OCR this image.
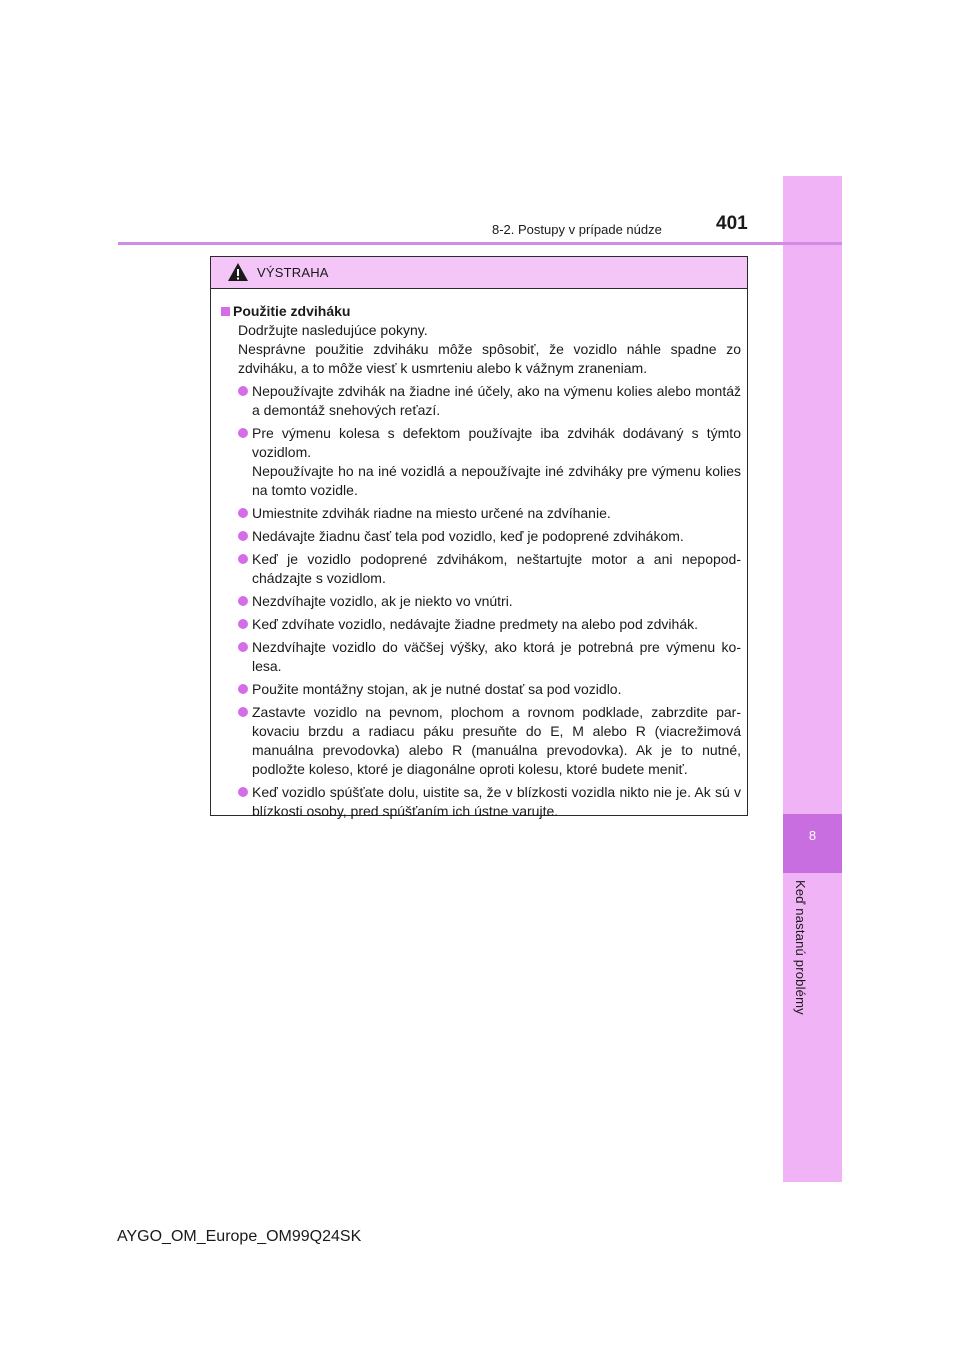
8
Keď nastanú problémy
401
8-2. Postupy v prípade núdze
VÝSTRAHA
Použitie zdviháku

Dodržujte nasledujúce pokyny.

Nesprávne použitie zdviháku môže spôsobiť, že vozidlo náhle spadne zo zdviháku, a to môže viesť k usmrteniu alebo k vážnym zraneniam.

Nepoužívajte zdvihák na žiadne iné účely, ako na výmenu kolies alebo montáž a demontáž snehových reťazí.

Pre výmenu kolesa s defektom používajte iba zdvihák dodávaný s týmto vozidlom.

Nepoužívajte ho na iné vozidlá a nepoužívajte iné zdviháky pre výmenu kolies na tomto vozidle.

Umiestnite zdvihák riadne na miesto určené na zdvíhanie.

Nedávajte žiadnu časť tela pod vozidlo, keď je podoprené zdvihákom.

Keď je vozidlo podoprené zdvihákom, neštartujte motor a ani nepopod-chádzajte s vozidlom.

Nezdvíhajte vozidlo, ak je niekto vo vnútri.

Keď zdvíhate vozidlo, nedávajte žiadne predmety na alebo pod zdvihák.

Nezdvíhajte vozidlo do väčšej výšky, ako ktorá je potrebná pre výmenu ko-lesa.

Použite montážny stojan, ak je nutné dostať sa pod vozidlo.

Zastavte vozidlo na pevnom, plochom a rovnom podklade, zabrzdite par-kovaciu brzdu a radiacu páku presuňte do E, M alebo R (viacrežimová manuálna prevodovka) alebo R (manuálna prevodovka). Ak je to nutné, podložte koleso, ktoré je diagonálne oproti kolesu, ktoré budete meniť.

Keď vozidlo spúšťate dolu, uistite sa, že v blízkosti vozidla nikto nie je. Ak sú v blízkosti osoby, pred spúšťaním ich ústne varujte.

AYGO_OM_Europe_OM99Q24SK
